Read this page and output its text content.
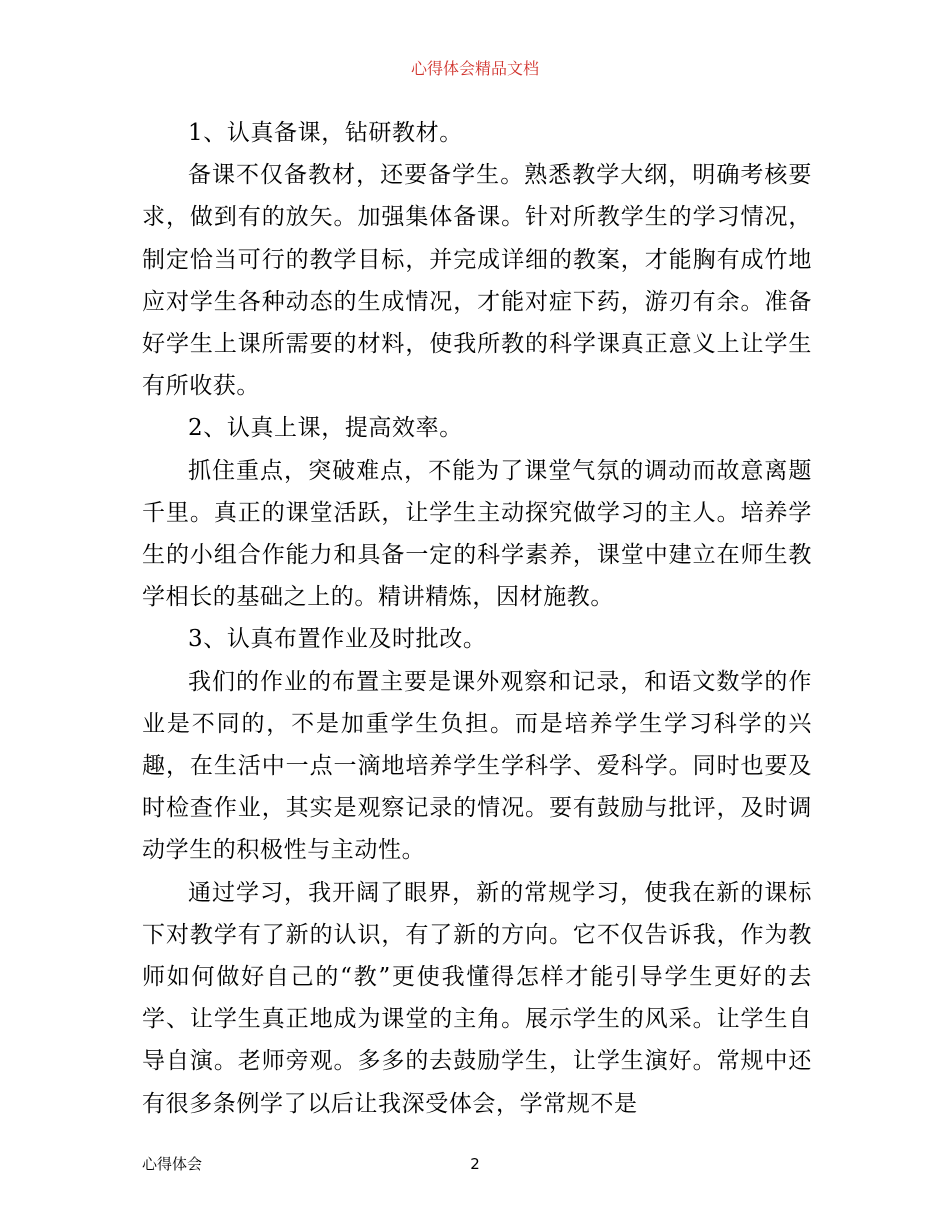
心得体会精品文档

1、认真备课，钻研教材。

备课不仅备教材，还要备学生。熟悉教学大纲，明确考核要求，做到有的放矢。加强集体备课。针对所教学生的学习情况，制定恰当可行的教学目标，并完成详细的教案，才能胸有成竹地应对学生各种动态的生成情况，才能对症下药，游刃有余。准备好学生上课所需要的材料，使我所教的科学课真正意义上让学生有所收获。

2、认真上课，提高效率。

抓住重点，突破难点，不能为了课堂气氛的调动而故意离题千里。真正的课堂活跃，让学生主动探究做学习的主人。培养学生的小组合作能力和具备一定的科学素养，课堂中建立在师生教学相长的基础之上的。精讲精炼，因材施教。

3、认真布置作业及时批改。

我们的作业的布置主要是课外观察和记录，和语文数学的作业是不同的，不是加重学生负担。而是培养学生学习科学的兴趣，在生活中一点一滴地培养学生学科学、爱科学。同时也要及时检查作业，其实是观察记录的情况。要有鼓励与批评，及时调动学生的积极性与主动性。

通过学习，我开阔了眼界，新的常规学习，使我在新的课标下对教学有了新的认识，有了新的方向。它不仅告诉我，作为教师如何做好自己的“教”更使我懂得怎样才能引导学生更好的去学、让学生真正地成为课堂的主角。展示学生的风采。让学生自导自演。老师旁观。多多的去鼓励学生，让学生演好。常规中还有很多条例学了以后让我深受体会，学常规不是

心得体会	2
